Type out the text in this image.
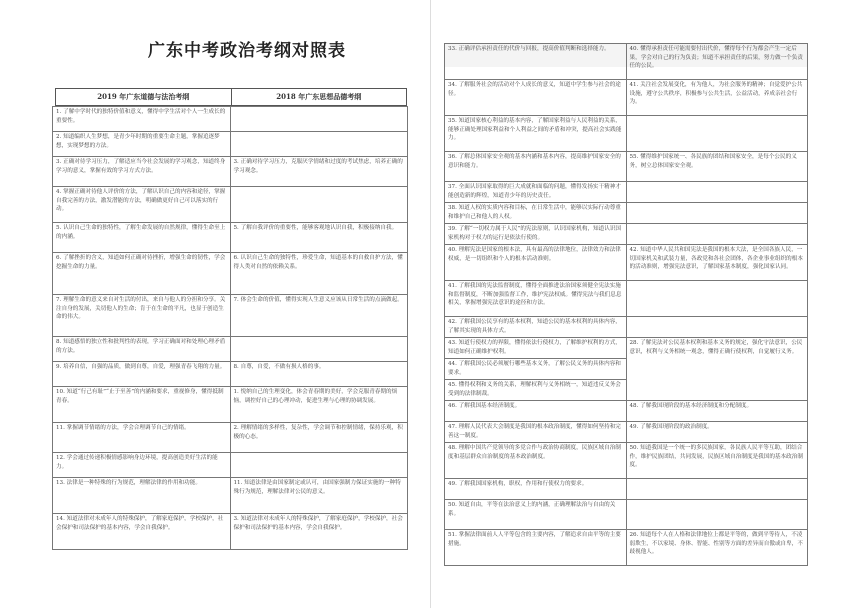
广东中考政治考纲对照表
2019 年广东道德与法治考纲	2018 年广东思想品德考纲
1. 了解中学时代的独特价值和意义，懂得中学生活对个人一生成长的重要性。	
2. 知道编织人生梦想，是青少年时期的重要生命主题，掌握追逐梦想，实现梦想的方法。	
3. 正确对待学习压力，了解适应当今社会发展的学习观念，知道终身学习的意义，掌握有效的学习方式方法。	3. 正确对待学习压力，克服厌学情绪和过度的考试焦虑，培养正确的学习观念。
4. 掌握正确对待他人评价的方法，了解认识自己的内容和途径，掌握自我完善的方法，激发潜能的方法，明确做更好自己可以落实的行动。	
5. 认识自己生命的独特性，了解生命发展的自然规律，懂得生命至上的内涵。	5. 了解自我评价的重要性，能够客观地认识自我，积极接纳自我。
6. 了解挫折的含义，知道如何正确对待挫折，增强生命的韧性，学会挖掘生命的力量。	6. 认识自己生命的独特性，珍爱生命，知道基本的自救自护方法，懂得人类对自然的依赖关系。
7. 理解生命的意义来自对生活的付出，来自与他人的分担和分享。关注自身的发展，关切他人的生命；肯于在生命的平凡，也显于创造生命的伟大。	7. 体会生命的价值，懂得实现人生意义应该从日常生活的点滴做起。
8. 知道感悟的独立性和批判性的表现，学习正确面对和处理心理矛盾的方法。	
9. 培养自信，自强的品质，做到自尊，自爱，理强青春飞翔的力量。	8. 自尊，自爱，不做有损人格的事。
10. 知道“行己有耻”“止于至善”的内涵和要求，重视修身，懂得抵制青春。	1. 悦纳自己的生理变化，体会青春期的美好，学会克服青春期的烦恼，调控好自己的心理冲动，促进生理与心理的协调发展。
11. 掌握调节情绪的方法，学会合理调节自己的情绪。	2. 理解情绪的多样性，复杂性，学会调节和控制情绪，保持乐观，积极的心态。
12. 学会通过传递积极情感影响身边环境，提高创造美好生活的能力。	
13. 法律是一种特殊的行为规范，理解法律的作用和功能。	11. 知道法律是由国家制定或认可，由国家强制力保证实施的一种特殊行为规范，理解法律对公民的意义。
14. 知道法律对未成年人的特殊保护，了解家庭保护，学校保护，社会保护和司法保护的基本内容，学会自我保护。	3. 知道法律对未成年人的特殊保护，了解家庭保护，学校保护，社会保护和司法保护的基本内容，学会自我保护。
33. 正确评估承担责任的代价与回报，提高价值判断和选择能力。	40. 懂得承担责任可能需要付出代价，懂得每个行为都会产生一定后果，学会对自己的行为负责；知道不承担责任的后果，努力做一个负责任的公民。
34. 了解服务社会的活动对个人成长的意义，知道中学生参与社会的途径。	41. 关注社会发展变化，有为他人，为社会服务的精神；自觉爱护公共设施，遵守公共秩序，积极参与公共生活，公益活动，养成亲社会行为。
35. 知道国家核心利益的基本内容，了解国家利益与人民利益的关系，能够正确处理国家利益和个人利益之间的矛盾和冲突，提高社会实践能力。	
36. 了解总体国家安全观的基本内涵和基本内容，提高维护国家安全的意识和能力。	55. 懂得维护国家统一、各民族的团结和国家安全，是每个公民的义务，树立总体国家安全观。
37. 全面认识国家取得的巨大成就和面临的问题，懂得发扬实干精神才能创造新的辉煌，知道青少年的历史责任。	
38. 知道人权的实质内容和目标，在日常生活中，能够以实际行动尊重和维护自己和他人的人权。	
39. 了解“一切权力属于人民”的宪法原则，认识国家机构，知道认识国家机构对于权力的运行是依法行使的。	
40. 理解宪法是国家的根本法，具有最高的法律地位，法律效力和法律权威，是一切组织和个人的根本活动准则。	42. 知道中华人民共和国宪法是我国的根本大法，是全国各族人民，一切国家机关和武装力量，各政党和各社会团体，各企业事业组织的根本的活动准则，增强宪法意识，了解国家基本制度，强化国家认同。
41. 了解我国的宪法监督制度，懂得全面推进法治国家须健全宪法实施和监督制度，不断加强监督工作，维护宪法权威。懂得宪法与我们息息相关，掌握增强宪法意识的途径和方法。	
42. 了解我国公民享有的基本权利，知道公民的基本权利的具体内容，了解其实现的具体方式。	
43. 知道行使权力的界限，懂得依法行使权力，了解维护权利的方式，知道如何正确维护权利。	28. 了解宪法对公民基本权利和基本义务的规定，强化守法意识，公民意识，权利与义务相统一观念，懂得正确行使权利，自觉履行义务。
44. 了解我国公民必须履行哪些基本义务，了解公民义务的具体内容和要求。	
45. 懂得权利和义务的关系，理解权利与义务相统一，知道违反义务会受到的法律制裁。	
46. 了解我国基本经济制度。	48. 了解我国现阶段的基本经济制度和分配制度。
47. 理解人民代表大会制度是我国的根本政治制度，懂得如何坚持和完善这一制度。	49. 了解我国现阶段的政治制度。
48. 理解中国共产党领导的多党合作与政治协商制度，民族区域自治制度和基层群众自治制度的基本政治制度。	50. 知道我国是一个统一的多民族国家，各民族人民平等互助，团结合作，维护民族团结，共同发展，民族区域自治制度是我国的基本政治制度。
49. 了解我国国家机构，职权，作用和行使权力的要求。	
50. 知道自由，平等在法治意义上的内涵，正确理解法治与自由的关系。	
51. 掌握法律面前人人平等包含的主要内容，了解追求自由平等的主要措施。	26. 知道每个人在人格和法律地位上都是平等的，做到平等待人，不凌弱欺生，不以家境、身体、智能、性别等方面的差异而自傲或自卑，不歧视他人。
